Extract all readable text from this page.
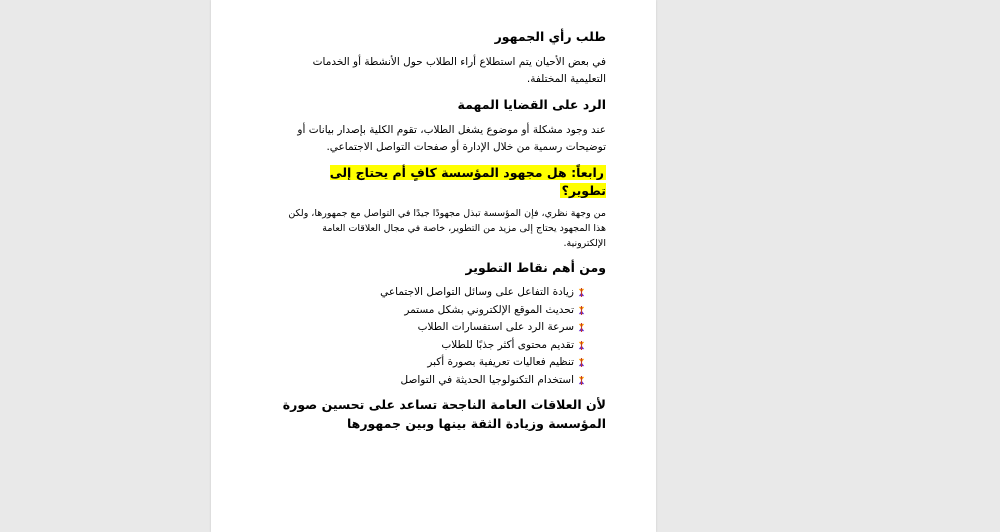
طلب رأي الجمهور

في بعض الأحيان يتم استطلاع أراء الطلاب حول الأنشطة أو الخدمات التعليمية المختلفة.

الرد على القضايا المهمة

عند وجود مشكلة أو موضوع يشغل الطلاب، تقوم الكلية بإصدار بيانات أو توضيحات رسمية من خلال الإدارة أو صفحات التواصل الاجتماعي.

رابعاً: هل مجهود المؤسسة كافٍ أم يحتاج إلى تطوير؟

من وجهة نظري، فإن المؤسسة تبذل مجهودًا جيدًا في التواصل مع جمهورها، ولكن هذا المجهود يحتاج إلى مزيد من التطوير، خاصة في مجال العلاقات العامة الإلكترونية.

ومن أهم نقاط التطوير

زيادة التفاعل على وسائل التواصل الاجتماعي
تحديث الموقع الإلكتروني بشكل مستمر
سرعة الرد على استفسارات الطلاب
تقديم محتوى أكثر جذبًا للطلاب
تنظيم فعاليات تعريفية بصورة أكبر
استخدام التكنولوجيا الحديثة في التواصل

لأن العلاقات العامة الناجحة تساعد على تحسين صورة المؤسسة وزيادة الثقة بينها وبين جمهورها
